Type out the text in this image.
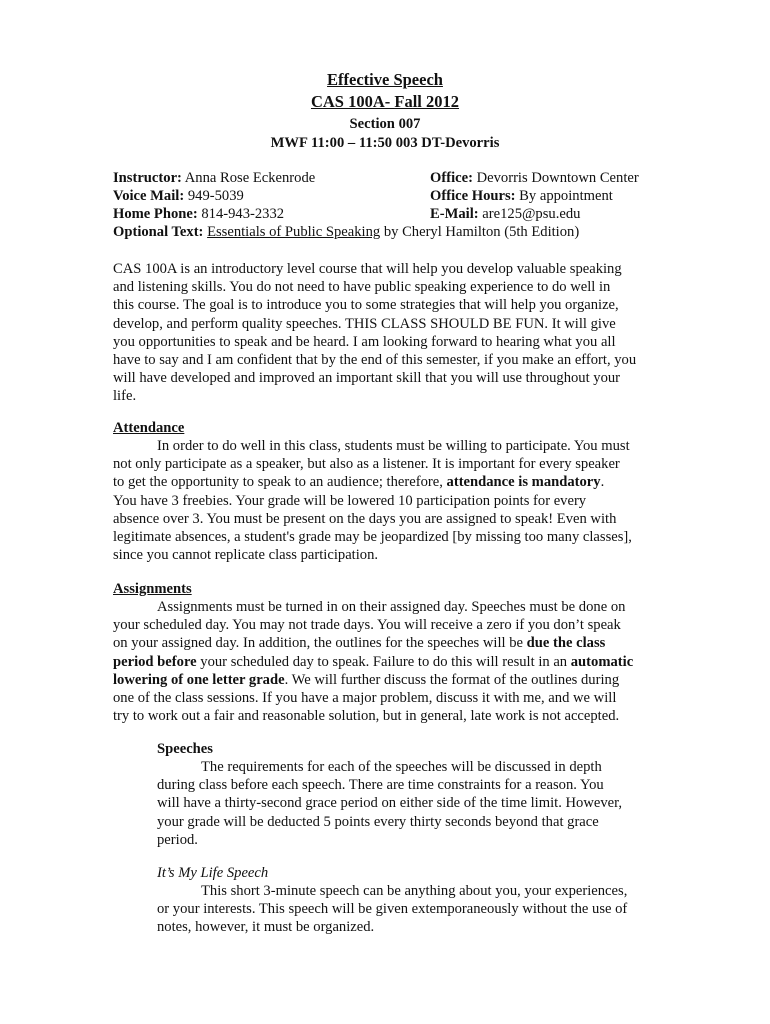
Effective Speech
CAS 100A- Fall 2012
Section 007
MWF 11:00 – 11:50 003 DT-Devorris
Instructor: Anna Rose Eckenrode
Voice Mail: 949-5039
Home Phone: 814-943-2332
Optional Text: Essentials of Public Speaking by Cheryl Hamilton (5th Edition)
Office: Devorris Downtown Center
Office Hours: By appointment
E-Mail: are125@psu.edu
CAS 100A is an introductory level course that will help you develop valuable speaking
and listening skills. You do not need to have public speaking experience to do well in
this course. The goal is to introduce you to some strategies that will help you organize,
develop, and perform quality speeches. THIS CLASS SHOULD BE FUN. It will give
you opportunities to speak and be heard. I am looking forward to hearing what you all
have to say and I am confident that by the end of this semester, if you make an effort, you
will have developed and improved an important skill that you will use throughout your
life.
Attendance
In order to do well in this class, students must be willing to participate. You must
not only participate as a speaker, but also as a listener. It is important for every speaker
to get the opportunity to speak to an audience; therefore, attendance is mandatory.
You have 3 freebies. Your grade will be lowered 10 participation points for every
absence over 3. You must be present on the days you are assigned to speak! Even with
legitimate absences, a student's grade may be jeopardized [by missing too many classes],
since you cannot replicate class participation.
Assignments
Assignments must be turned in on their assigned day. Speeches must be done on
your scheduled day. You may not trade days. You will receive a zero if you don’t speak
on your assigned day. In addition, the outlines for the speeches will be due the class
period before your scheduled day to speak. Failure to do this will result in an automatic
lowering of one letter grade. We will further discuss the format of the outlines during
one of the class sessions. If you have a major problem, discuss it with me, and we will
try to work out a fair and reasonable solution, but in general, late work is not accepted.
Speeches
The requirements for each of the speeches will be discussed in depth
during class before each speech. There are time constraints for a reason. You
will have a thirty-second grace period on either side of the time limit. However,
your grade will be deducted 5 points every thirty seconds beyond that grace
period.
It’s My Life Speech
This short 3-minute speech can be anything about you, your experiences,
or your interests. This speech will be given extemporaneously without the use of
notes, however, it must be organized.
